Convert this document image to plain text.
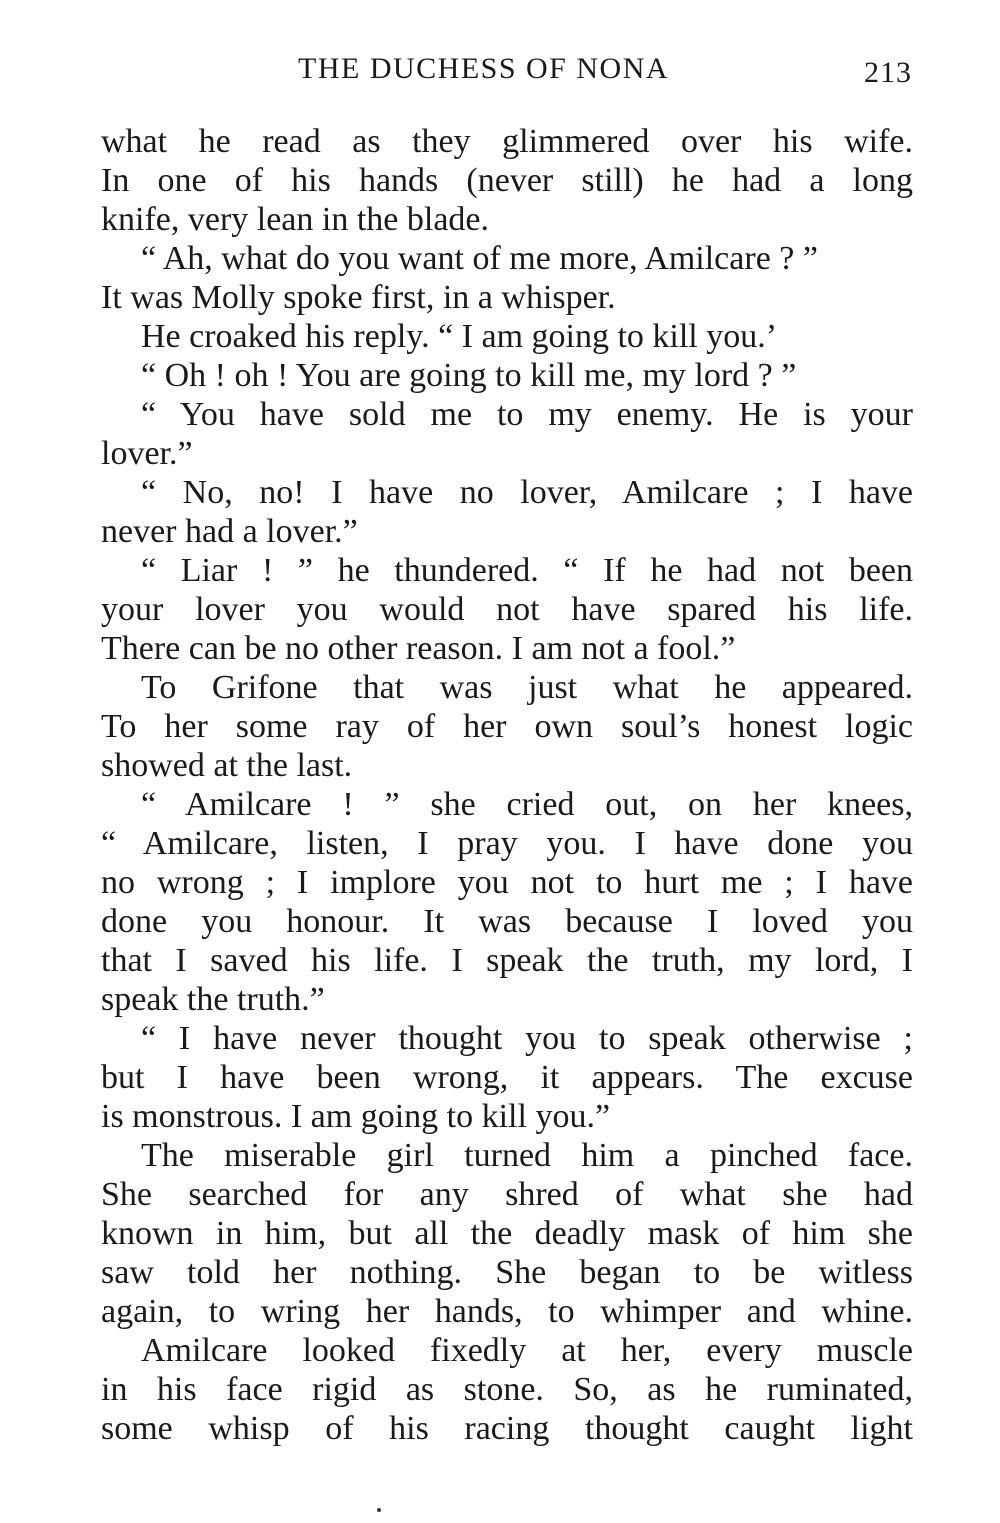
THE DUCHESS OF NONA	213
what he read as they glimmered over his wife.
In one of his hands (never still) he had a long
knife, very lean in the blade.
“ Ah, what do you want of me more, Amilcare ? ”
It was Molly spoke first, in a whisper.
He croaked his reply. “ I am going to kill you.’
“ Oh ! oh ! You are going to kill me, my lord ? ”
“ You have sold me to my enemy. He is your
lover.”
“ No, no! I have no lover, Amilcare ; I have
never had a lover.”
“ Liar ! ” he thundered. “ If he had not been
your lover you would not have spared his life.
There can be no other reason. I am not a fool.”
To Grifone that was just what he appeared.
To her some ray of her own soul’s honest logic
showed at the last.
“ Amilcare ! ” she cried out, on her knees,
“ Amilcare, listen, I pray you. I have done you
no wrong ; I implore you not to hurt me ; I have
done you honour. It was because I loved you
that I saved his life. I speak the truth, my lord, I
speak the truth.”
“ I have never thought you to speak otherwise ;
but I have been wrong, it appears. The excuse
is monstrous. I am going to kill you.”
The miserable girl turned him a pinched face.
She searched for any shred of what she had
known in him, but all the deadly mask of him she
saw told her nothing. She began to be witless
again, to wring her hands, to whimper and whine.
Amilcare looked fixedly at her, every muscle
in his face rigid as stone. So, as he ruminated,
some whisp of his racing thought caught light
